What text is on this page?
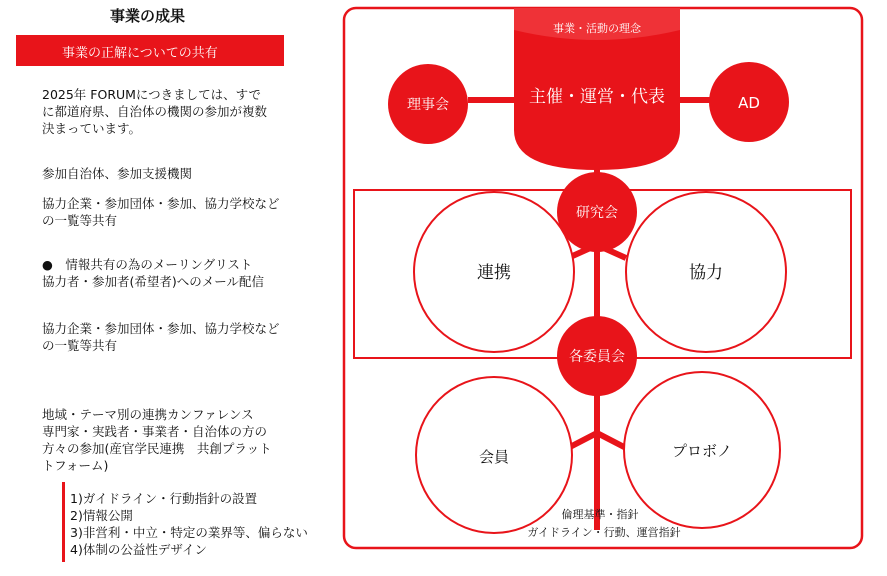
事業の成果
事業の正解についての共有
2025年 FORUMにつきましては、すで
に都道府県、自治体の機関の参加が複数
決まっています。
参加自治体、参加支援機関
協力企業・参加団体・参加、協力学校など
の一覧等共有
●　情報共有の為のメーリングリスト
協力者・参加者(希望者)へのメール配信
協力企業・参加団体・参加、協力学校など
の一覧等共有
地域・テーマ別の連携カンファレンス
専門家・実践者・事業者・自治体の方の
方々の参加(産官学民連携　共創プラット
トフォーム)
1)ガイドライン・行動指針の設置
2)情報公開
3)非営利・中立・特定の業界等、偏らない
4)体制の公益性デザイン
事業・活動の理念
主催・運営・代表
理事会	AD
研究会
連携	協力
各委員会
会員	プロボノ
倫理基準・指針
ガイドライン・行動、運営指針
